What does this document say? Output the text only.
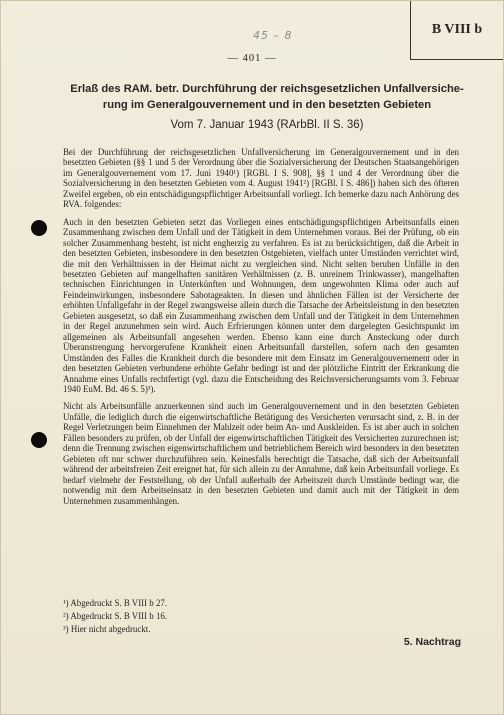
B VIII b
45 – 8
— 401 —
Erlaß des RAM. betr. Durchführung der reichsgesetzlichen Unfallversiche-
rung im Generalgouvernement und in den besetzten Gebieten
Vom 7. Januar 1943 (RArbBl. II S. 36)

Bei der Durchführung der reichsgesetzlichen Unfallversicherung im Generalgouvernement und in den besetzten Gebieten (§§ 1 und 5 der Verordnung über die Sozialversicherung der Deutschen Staatsangehörigen im Generalgouvernement vom 17. Juni 1940¹) [RGBl. I S. 908], §§ 1 und 4 der Verordnung über die Sozialversicherung in den besetzten Gebieten vom 4. August 1941²) [RGBl. I S. 486]) haben sich des öfteren Zweifel ergeben, ob ein entschädigungspflichtiger Arbeitsunfall vorliegt. Ich bemerke dazu nach Anhörung des RVA. folgendes:

Auch in den besetzten Gebieten setzt das Vorliegen eines entschädigungspflichtigen Arbeitsunfalls einen Zusammenhang zwischen dem Unfall und der Tätigkeit in dem Unternehmen voraus. Bei der Prüfung, ob ein solcher Zusammenhang besteht, ist nicht engherzig zu verfahren. Es ist zu berücksichtigen, daß die Arbeit in den besetzten Gebieten, insbesondere in den besetzten Ostgebieten, vielfach unter Umständen verrichtet wird, die mit den Verhältnissen in der Heimat nicht zu vergleichen sind. Nicht selten beruhen Unfälle in den besetzten Gebieten auf mangelhaften sanitären Verhältnissen (z. B. unreinem Trinkwasser), mangelhaften technischen Einrichtungen in Unterkünften und Wohnungen, dem ungewohnten Klima oder auch auf Feindeinwirkungen, insbesondere Sabotageakten. In diesen und ähnlichen Fällen ist der Versicherte der erhöhten Unfallgefahr in der Regel zwangsweise allein durch die Tatsache der Arbeitsleistung in den besetzten Gebieten ausgesetzt, so daß ein Zusammenhang zwischen dem Unfall und der Tätigkeit in dem Unternehmen in der Regel anzunehmen sein wird. Auch Erfrierungen können unter dem dargelegten Gesichtspunkt im allgemeinen als Arbeitsunfall angesehen werden. Ebenso kann eine durch Ansteckung oder durch Überanstrengung hervorgerufene Krankheit einen Arbeitsunfall darstellen, sofern nach den gesamten Umständen des Falles die Krankheit durch die besondere mit dem Einsatz im Generalgouvernement oder in den besetzten Gebieten verbundene erhöhte Gefahr bedingt ist und der plötzliche Eintritt der Erkrankung die Annahme eines Unfalls rechtfertigt (vgl. dazu die Entscheidung des Reichsversicherungsamts vom 3. Februar 1940 EuM. Bd. 46 S. 5)³).

Nicht als Arbeitsunfälle anzuerkennen sind auch im Generalgouvernement und in den besetzten Gebieten Unfälle, die lediglich durch die eigenwirtschaftliche Betätigung des Versicherten verursacht sind, z. B. in der Regel Verletzungen beim Einnehmen der Mahlzeit oder beim An- und Auskleiden. Es ist aber auch in solchen Fällen besonders zu prüfen, ob der Unfall der eigenwirtschaftlichen Tätigkeit des Versicherten zuzurechnen ist; denn die Trennung zwischen eigenwirtschaftlichem und betrieblichem Bereich wird besonders in den besetzten Gebieten oft nur schwer durchzuführen sein. Keinesfalls berechtigt die Tatsache, daß sich der Arbeitsunfall während der arbeitsfreien Zeit ereignet hat, für sich allein zu der Annahme, daß kein Arbeitsunfall vorliege. Es bedarf vielmehr der Feststellung, ob der Unfall außerhalb der Arbeitszeit durch Umstände bedingt war, die notwendig mit dem Arbeitseinsatz in den besetzten Gebieten und damit auch mit der Tätigkeit in dem Unternehmen zusammenhängen.

¹) Abgedruckt S. B VIII b 27.
²) Abgedruckt S. B VIII b 16.
³) Hier nicht abgedruckt.
5. Nachtrag
